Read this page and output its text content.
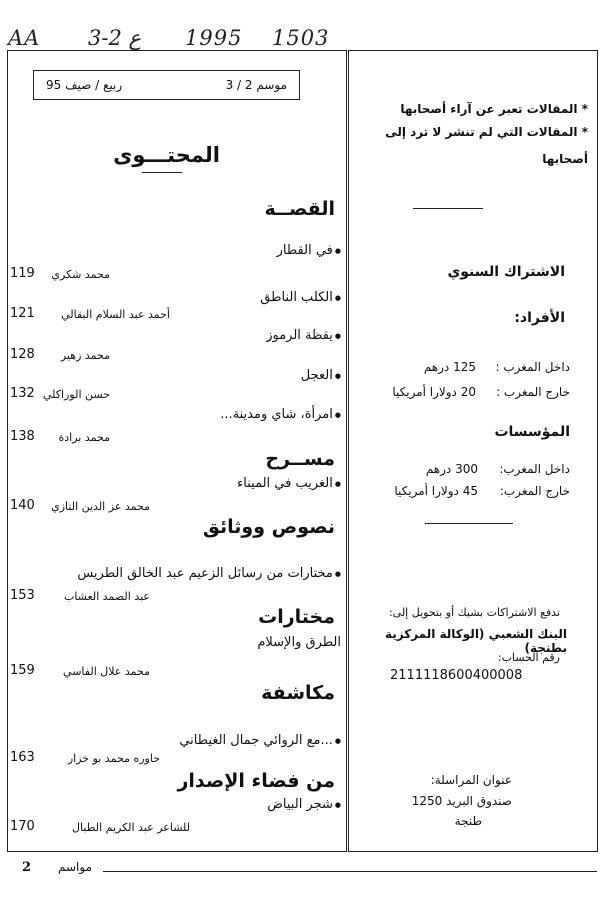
AA 3-2 ع 1995 1503
موسم 2 / 3
ربيع / صيف 95
المحتـــوى
القصــة
● في القطار
محمد شكري
119
● الكلب الناطق
أحمد عبد السلام البقالي
121
● يقظة الرموز
محمد زهير
128
● العجل
حسن الوراكلي
132
● امرأة، شاي ومدينة...
محمد برادة
138
مســرح
● الغريب في الميناء
محمد عز الدين التازي
140
نصوص ووثائق
● مختارات من رسائل الزعيم عبد الخالق الطريس
عبد الصمد العشاب
153
مختارات
الطرق والإسلام
محمد علال الفاسي
159
مكاشفة
● ...مع الروائي جمال الغيطاني
حاوره محمد بو خزار
163
من فضاء الإصدار
● شجر البياض
للشاعر عبد الكريم الطبال
170
* المقالات تعبر عن آراء أصحابها
* المقالات التي لم تنشر لا ترد إلى
أصحابها
الاشتراك السنوي
الأفراد:
داخل المغرب :
125 درهم
خارج المغرب :
20 دولارا أمريكيا
المؤسسات
داخل المغرب:
300 درهم
خارج المغرب:
45 دولارا أمريكيا
تدفع الاشتراكات بشيك أو بتحويل إلى:
البنك الشعبي (الوكالة المركزية بطنجة)
رقم الحساب:
2111118600400008
عنوان المراسلة:
صندوق البريد 1250
طنجة
2 مواسم
